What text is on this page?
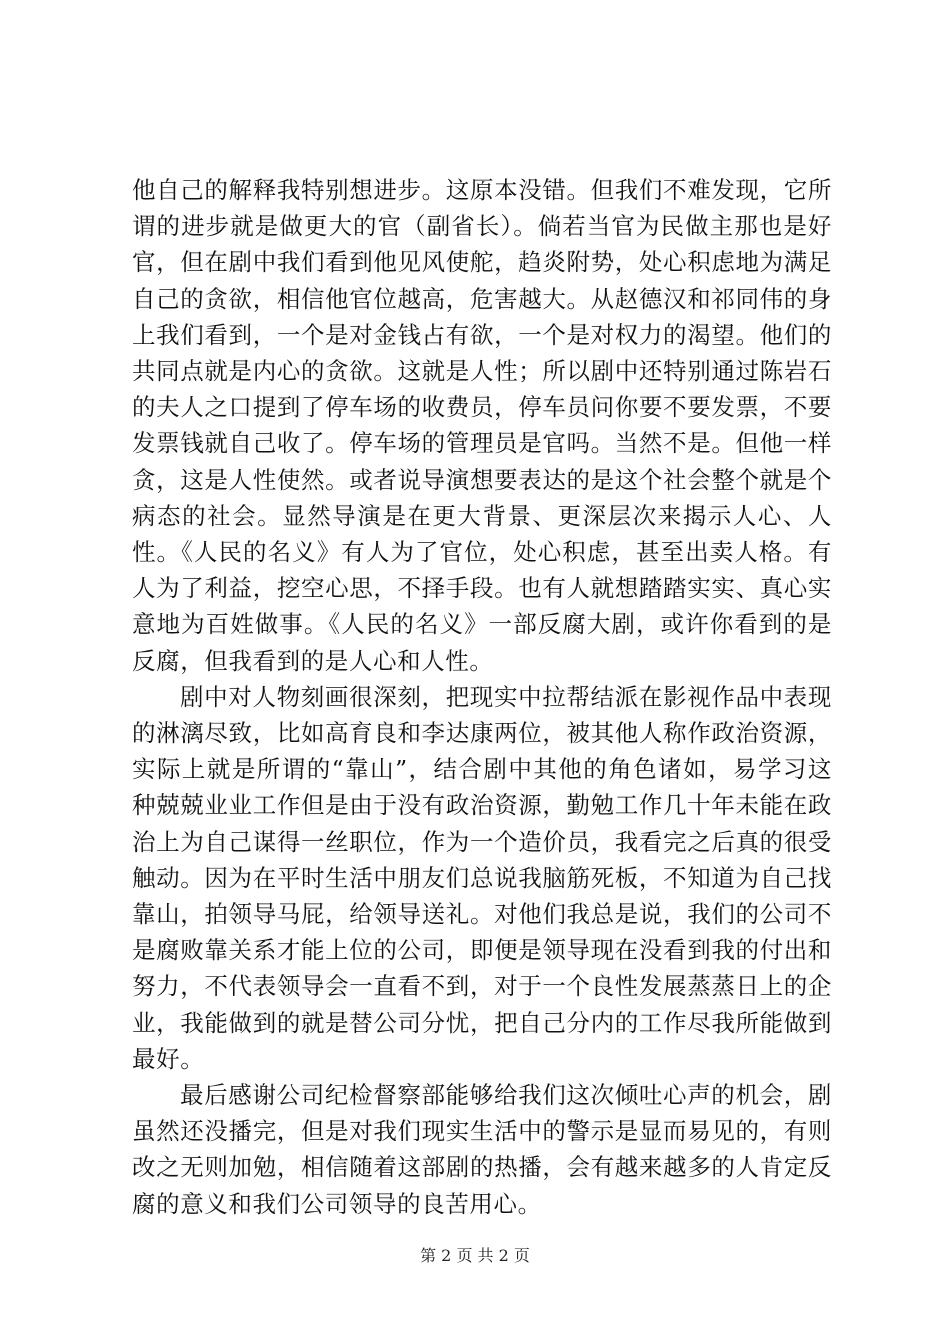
他自己的解释我特别想进步。这原本没错。但我们不难发现，它所谓的进步就是做更大的官（副省长）。倘若当官为民做主那也是好官，但在剧中我们看到他见风使舵，趋炎附势，处心积虑地为满足自己的贪欲，相信他官位越高，危害越大。从赵德汉和祁同伟的身上我们看到，一个是对金钱占有欲，一个是对权力的渴望。他们的共同点就是内心的贪欲。这就是人性；所以剧中还特别通过陈岩石的夫人之口提到了停车场的收费员，停车员问你要不要发票，不要发票钱就自己收了。停车场的管理员是官吗。当然不是。但他一样贪，这是人性使然。或者说导演想要表达的是这个社会整个就是个病态的社会。显然导演是在更大背景、更深层次来揭示人心、人性。《人民的名义》有人为了官位，处心积虑，甚至出卖人格。有人为了利益，挖空心思，不择手段。也有人就想踏踏实实、真心实意地为百姓做事。《人民的名义》一部反腐大剧，或许你看到的是反腐，但我看到的是人心和人性。

剧中对人物刻画很深刻，把现实中拉帮结派在影视作品中表现的淋漓尽致，比如高育良和李达康两位，被其他人称作政治资源，实际上就是所谓的“靠山”，结合剧中其他的角色诸如，易学习这种兢兢业业工作但是由于没有政治资源，勤勉工作几十年未能在政治上为自己谋得一丝职位，作为一个造价员，我看完之后真的很受触动。因为在平时生活中朋友们总说我脑筋死板，不知道为自己找靠山，拍领导马屁，给领导送礼。对他们我总是说，我们的公司不是腐败靠关系才能上位的公司，即便是领导现在没看到我的付出和努力，不代表领导会一直看不到，对于一个良性发展蒸蒸日上的企业，我能做到的就是替公司分忧，把自己分内的工作尽我所能做到最好。

最后感谢公司纪检督察部能够给我们这次倾吐心声的机会，剧虽然还没播完，但是对我们现实生活中的警示是显而易见的，有则改之无则加勉，相信随着这部剧的热播，会有越来越多的人肯定反腐的意义和我们公司领导的良苦用心。

第 2 页 共 2 页
